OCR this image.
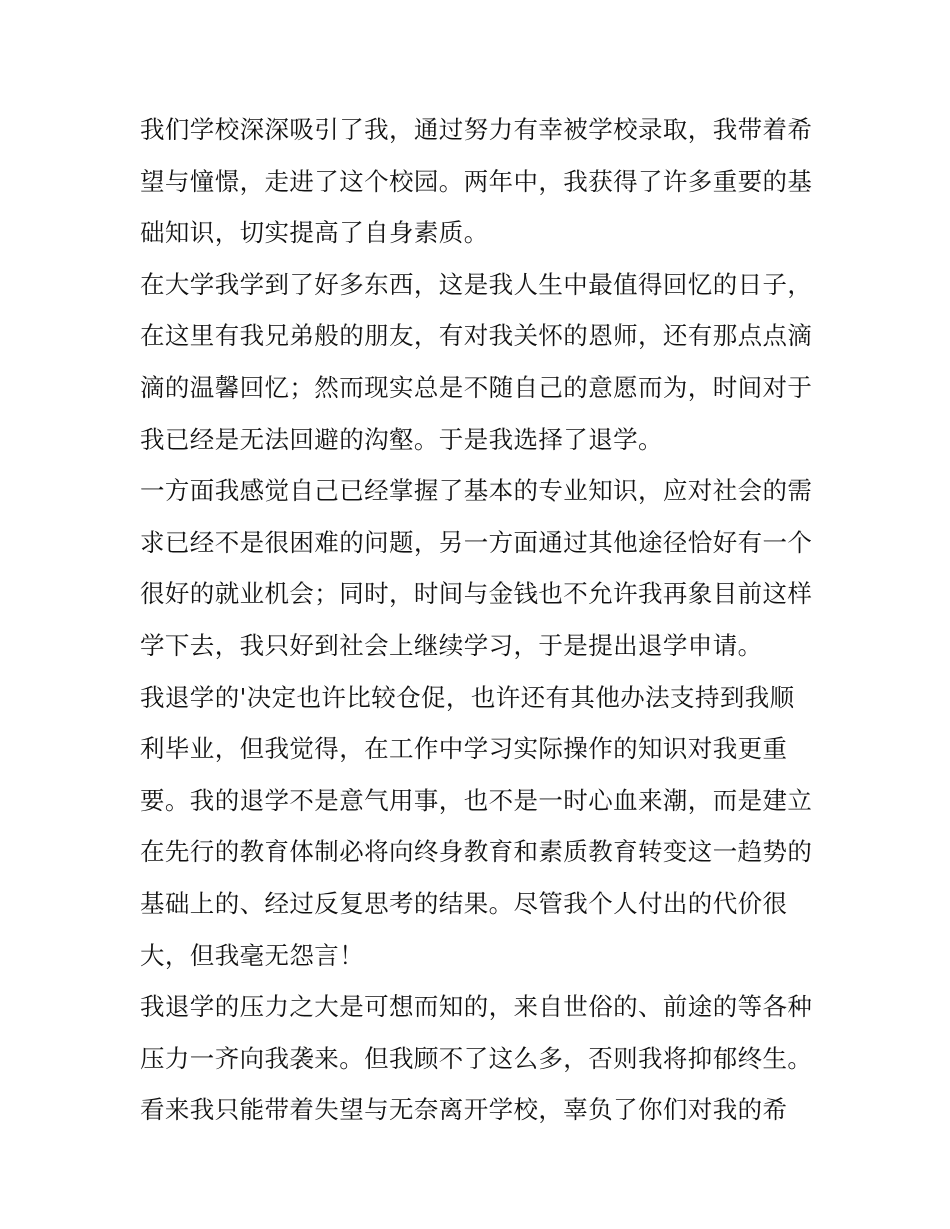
我们学校深深吸引了我，通过努力有幸被学校录取，我带着希
望与憧憬，走进了这个校园。两年中，我获得了许多重要的基
础知识，切实提高了自身素质。
在大学我学到了好多东西，这是我人生中最值得回忆的日子，
在这里有我兄弟般的朋友，有对我关怀的恩师，还有那点点滴
滴的温馨回忆；然而现实总是不随自己的意愿而为，时间对于
我已经是无法回避的沟壑。于是我选择了退学。
一方面我感觉自己已经掌握了基本的专业知识，应对社会的需
求已经不是很困难的问题，另一方面通过其他途径恰好有一个
很好的就业机会；同时，时间与金钱也不允许我再象目前这样
学下去，我只好到社会上继续学习，于是提出退学申请。
我退学的'决定也许比较仓促，也许还有其他办法支持到我顺
利毕业，但我觉得，在工作中学习实际操作的知识对我更重
要。我的退学不是意气用事，也不是一时心血来潮，而是建立
在先行的教育体制必将向终身教育和素质教育转变这一趋势的
基础上的、经过反复思考的结果。尽管我个人付出的代价很
大，但我毫无怨言！
我退学的压力之大是可想而知的，来自世俗的、前途的等各种
压力一齐向我袭来。但我顾不了这么多，否则我将抑郁终生。
看来我只能带着失望与无奈离开学校，辜负了你们对我的希
